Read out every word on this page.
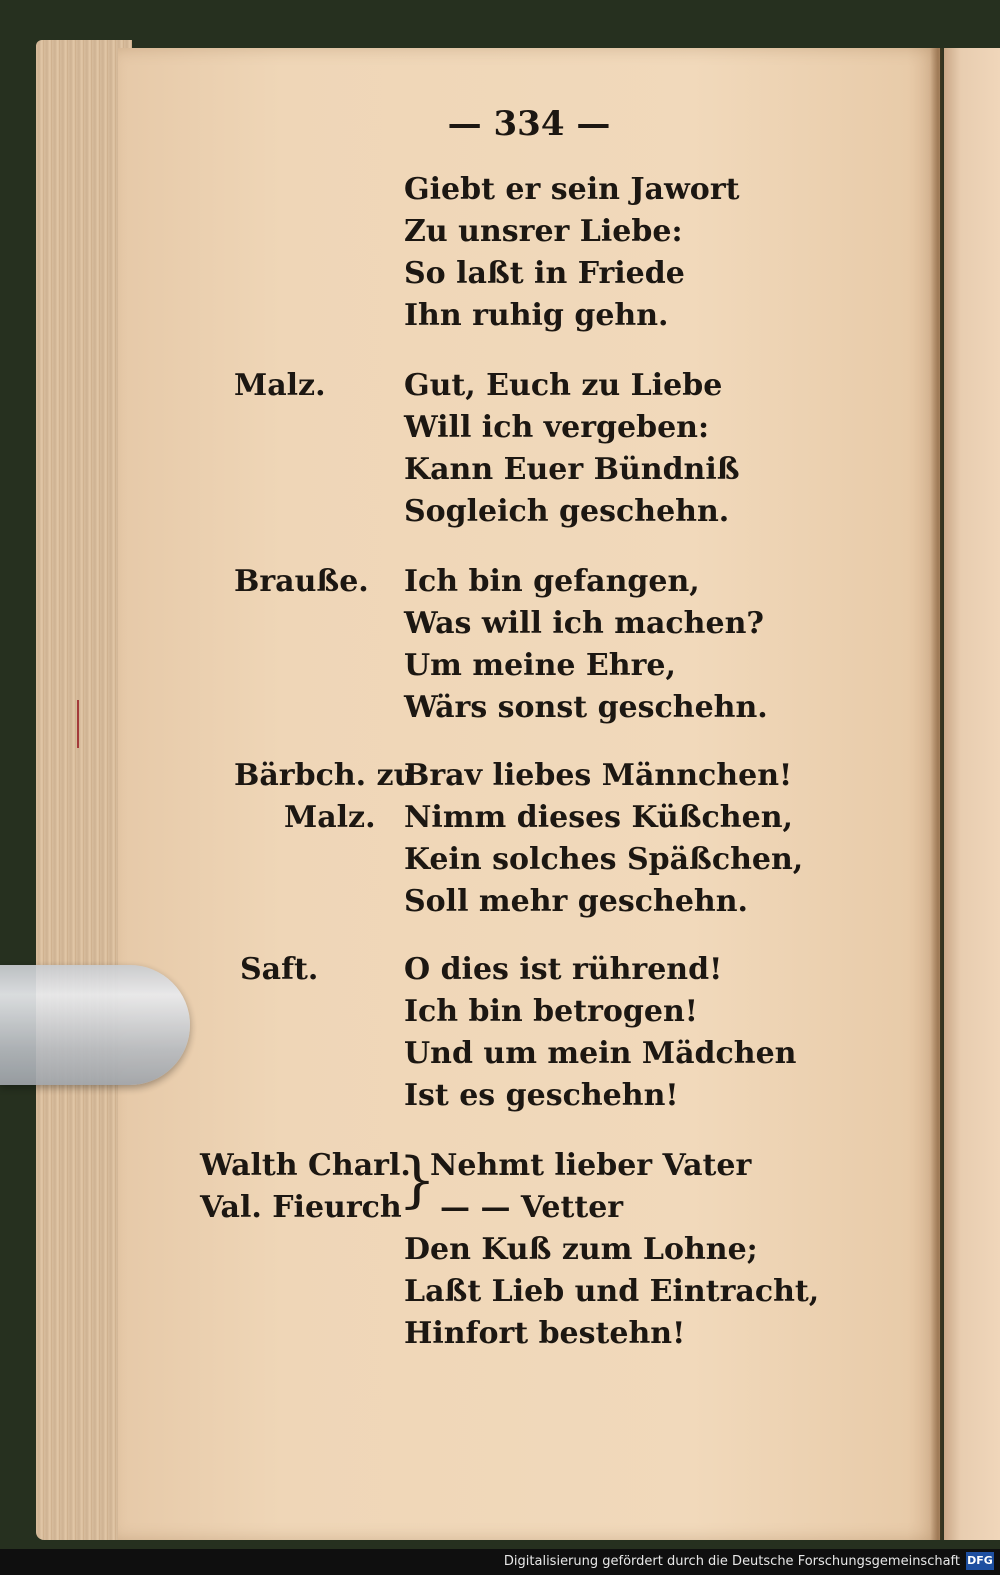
— 334 —
Giebt er sein Jawort
Zu unsrer Liebe:
So laßt in Friede
Ihn ruhig gehn.
Malz.	Gut, Euch zu Liebe
Will ich vergeben:
Kann Euer Bündniß
Sogleich geschehn.
Brauße. Ich bin gefangen,
Was will ich machen?
Um meine Ehre,
Wärs sonst geschehn.
Bärbch. zu
Malz.
Brav liebes Männchen!
Nimm dieses Küßchen,
Kein solches Späßchen,
Soll mehr geschehn.
Saft.	O dies ist rührend!
Ich bin betrogen!
Und um mein Mädchen
Ist es geschehn!
Walth Charl.
Val. Fieurch
}
Nehmt lieber Vater
— — Vetter
Den Kuß zum Lohne;
Laßt Lieb und Eintracht,
Hinfort bestehn!
Digitalisierung gefördert durch die Deutsche Forschungsgemeinschaft DFG
